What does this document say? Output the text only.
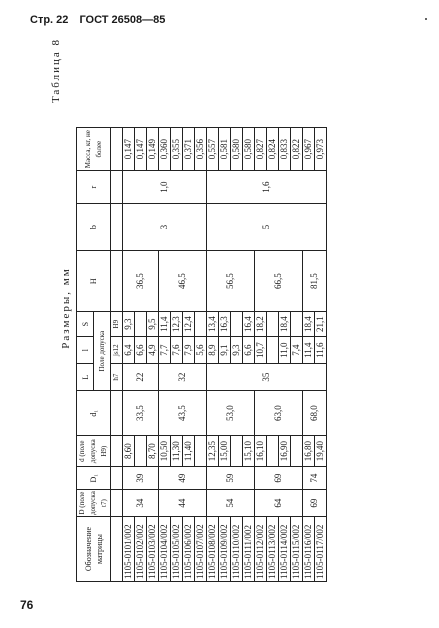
Стр. 22 ГОСТ 26508—85
76
Таблица 8
Размеры, мм
Обозначение матрицы	D (поле допуска t7)	D₁	d (поле допуска H9)	d₁	L	l	S	H	b	r	Масса, кг, не более
					Поле допуска						
					h7	js12	H9				
1105-0101/002	34	39	8,60	33,5	22	6,4	9,3	36,5	3	1,0	0,147
1105-0102/002						6,6					0,147
1105-0103/002			8,70			4,9	9,5				0,149
1105-0104/002	44	49	10,50	43,5	32	7,7	11,4	46,5			0,360
1105-0105/002			11,30			7,6	12,3				0,355
1105-0106/002			11,40			7,9	12,4				0,371
1105-0107/002						5,6					0,356
1105-0108/002	54	59	12,35	53,0	35	8,9	13,4	56,5	5	1,6	0,557
1105-0109/002			15,00			9,1	16,3				0,581
1105-0110/002						9,3					0,580
1105-0111/002			15,10			6,6	16,4				0,580
1105-0112/002	64	69	16,10	63,0		10,7	18,2	66,5			0,827
1105-0113/002											0,824
1105-0114/002			16,90			11,0	18,4				0,833
1105-0115/002						7,4					0,822
1105-0116/002	69	74	16,80	68,0		11,4	18,4	81,5			0,967
1105-0117/002			19,40			11,6	21,1				0,973
